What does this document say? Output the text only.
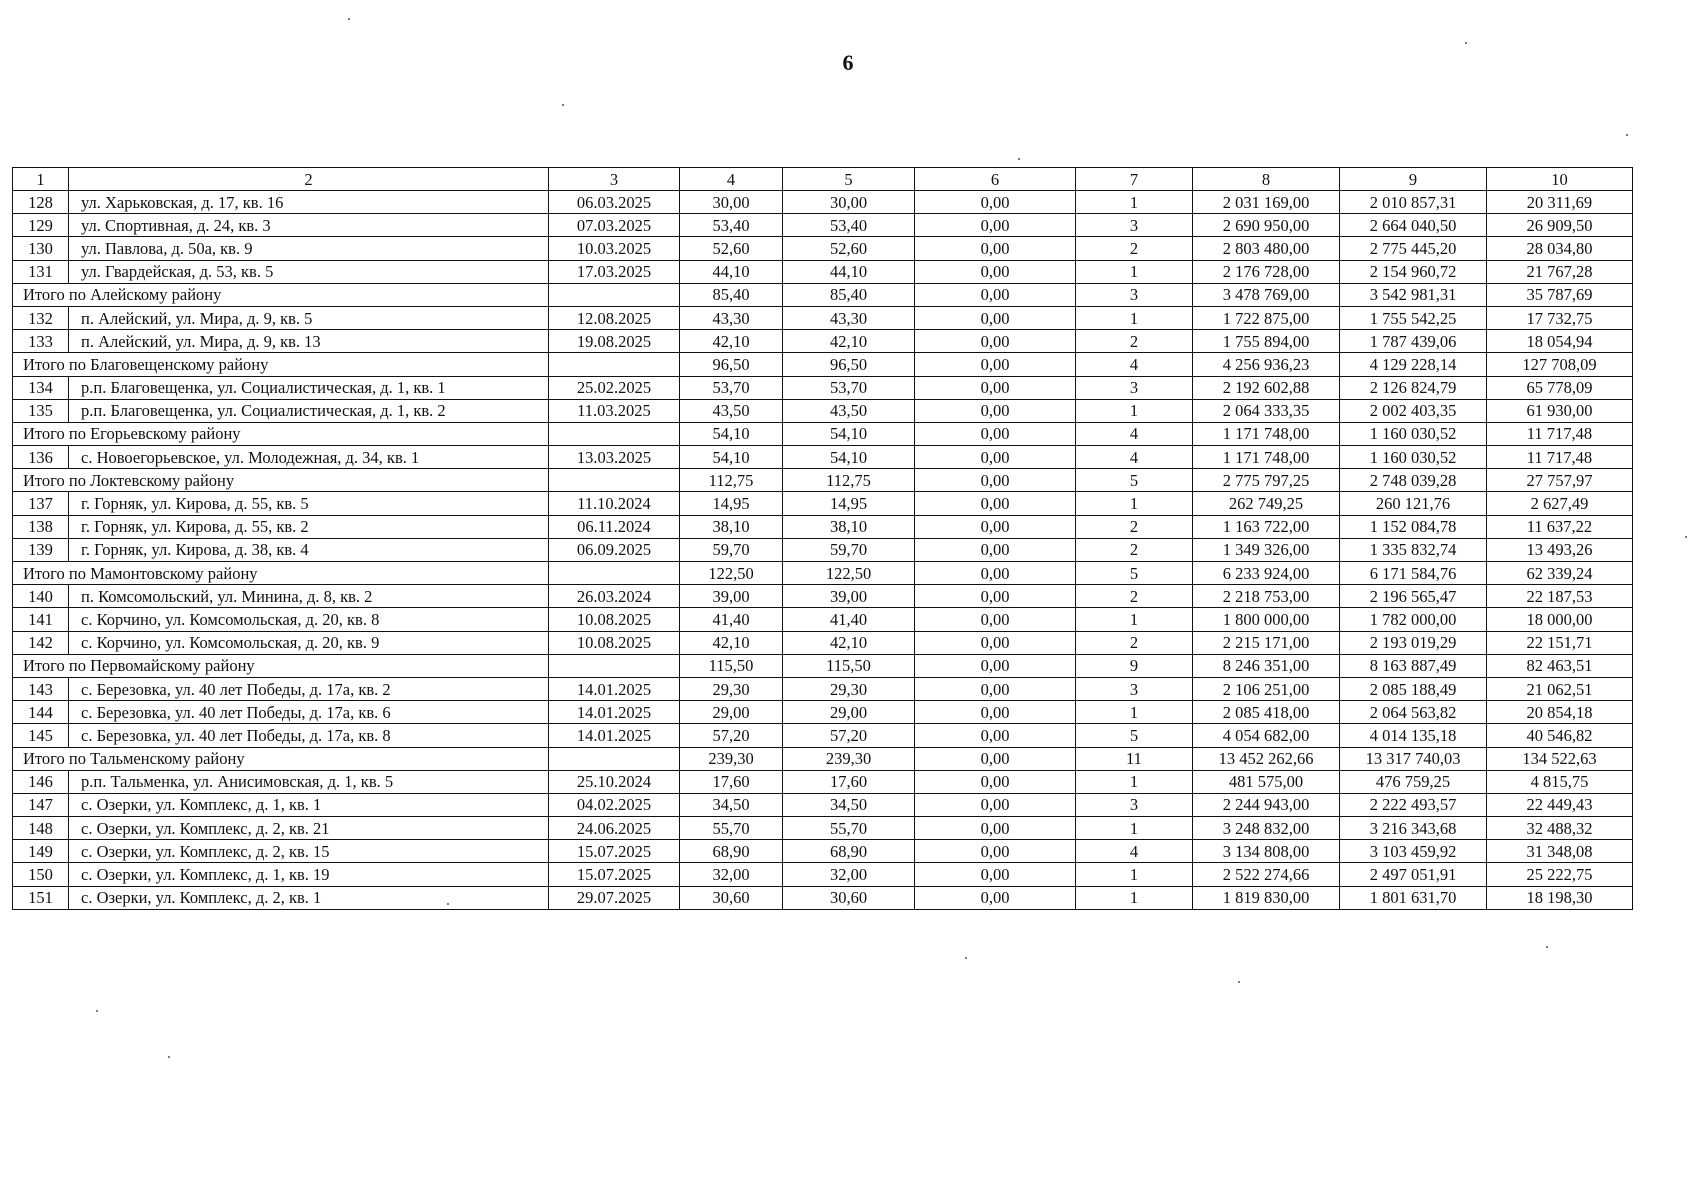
6
1	2	3	4	5	6	7	8	9	10
128	ул. Харьковская, д. 17, кв. 16	06.03.2025	30,00	30,00	0,00	1	2 031 169,00	2 010 857,31	20 311,69
129	ул. Спортивная, д. 24, кв. 3	07.03.2025	53,40	53,40	0,00	3	2 690 950,00	2 664 040,50	26 909,50
130	ул. Павлова, д. 50а, кв. 9	10.03.2025	52,60	52,60	0,00	2	2 803 480,00	2 775 445,20	28 034,80
131	ул. Гвардейская, д. 53, кв. 5	17.03.2025	44,10	44,10	0,00	1	2 176 728,00	2 154 960,72	21 767,28
Итого по Алейскому району			85,40	85,40	0,00	3	3 478 769,00	3 542 981,31	35 787,69
132	п. Алейский, ул. Мира, д. 9, кв. 5	12.08.2025	43,30	43,30	0,00	1	1 722 875,00	1 755 542,25	17 732,75
133	п. Алейский, ул. Мира, д. 9, кв. 13	19.08.2025	42,10	42,10	0,00	2	1 755 894,00	1 787 439,06	18 054,94
Итого по Благовещенскому району			96,50	96,50	0,00	4	4 256 936,23	4 129 228,14	127 708,09
134	р.п. Благовещенка, ул. Социалистическая, д. 1, кв. 1	25.02.2025	53,70	53,70	0,00	3	2 192 602,88	2 126 824,79	65 778,09
135	р.п. Благовещенка, ул. Социалистическая, д. 1, кв. 2	11.03.2025	43,50	43,50	0,00	1	2 064 333,35	2 002 403,35	61 930,00
Итого по Егорьевскому району			54,10	54,10	0,00	4	1 171 748,00	1 160 030,52	11 717,48
136	с. Новоегорьевское, ул. Молодежная, д. 34, кв. 1	13.03.2025	54,10	54,10	0,00	4	1 171 748,00	1 160 030,52	11 717,48
Итого по Локтевскому району			112,75	112,75	0,00	5	2 775 797,25	2 748 039,28	27 757,97
137	г. Горняк, ул. Кирова, д. 55, кв. 5	11.10.2024	14,95	14,95	0,00	1	262 749,25	260 121,76	2 627,49
138	г. Горняк, ул. Кирова, д. 55, кв. 2	06.11.2024	38,10	38,10	0,00	2	1 163 722,00	1 152 084,78	11 637,22
139	г. Горняк, ул. Кирова, д. 38, кв. 4	06.09.2025	59,70	59,70	0,00	2	1 349 326,00	1 335 832,74	13 493,26
Итого по Мамонтовскому району			122,50	122,50	0,00	5	6 233 924,00	6 171 584,76	62 339,24
140	п. Комсомольский, ул. Минина, д. 8, кв. 2	26.03.2024	39,00	39,00	0,00	2	2 218 753,00	2 196 565,47	22 187,53
141	с. Корчино, ул. Комсомольская, д. 20, кв. 8	10.08.2025	41,40	41,40	0,00	1	1 800 000,00	1 782 000,00	18 000,00
142	с. Корчино, ул. Комсомольская, д. 20, кв. 9	10.08.2025	42,10	42,10	0,00	2	2 215 171,00	2 193 019,29	22 151,71
Итого по Первомайскому району			115,50	115,50	0,00	9	8 246 351,00	8 163 887,49	82 463,51
143	с. Березовка, ул. 40 лет Победы, д. 17а, кв. 2	14.01.2025	29,30	29,30	0,00	3	2 106 251,00	2 085 188,49	21 062,51
144	с. Березовка, ул. 40 лет Победы, д. 17а, кв. 6	14.01.2025	29,00	29,00	0,00	1	2 085 418,00	2 064 563,82	20 854,18
145	с. Березовка, ул. 40 лет Победы, д. 17а, кв. 8	14.01.2025	57,20	57,20	0,00	5	4 054 682,00	4 014 135,18	40 546,82
Итого по Тальменскому району			239,30	239,30	0,00	11	13 452 262,66	13 317 740,03	134 522,63
146	р.п. Тальменка, ул. Анисимовская, д. 1, кв. 5	25.10.2024	17,60	17,60	0,00	1	481 575,00	476 759,25	4 815,75
147	с. Озерки, ул. Комплекс, д. 1, кв. 1	04.02.2025	34,50	34,50	0,00	3	2 244 943,00	2 222 493,57	22 449,43
148	с. Озерки, ул. Комплекс, д. 2, кв. 21	24.06.2025	55,70	55,70	0,00	1	3 248 832,00	3 216 343,68	32 488,32
149	с. Озерки, ул. Комплекс, д. 2, кв. 15	15.07.2025	68,90	68,90	0,00	4	3 134 808,00	3 103 459,92	31 348,08
150	с. Озерки, ул. Комплекс, д. 1, кв. 19	15.07.2025	32,00	32,00	0,00	1	2 522 274,66	2 497 051,91	25 222,75
151	с. Озерки, ул. Комплекс, д. 2, кв. 1	29.07.2025	30,60	30,60	0,00	1	1 819 830,00	1 801 631,70	18 198,30
